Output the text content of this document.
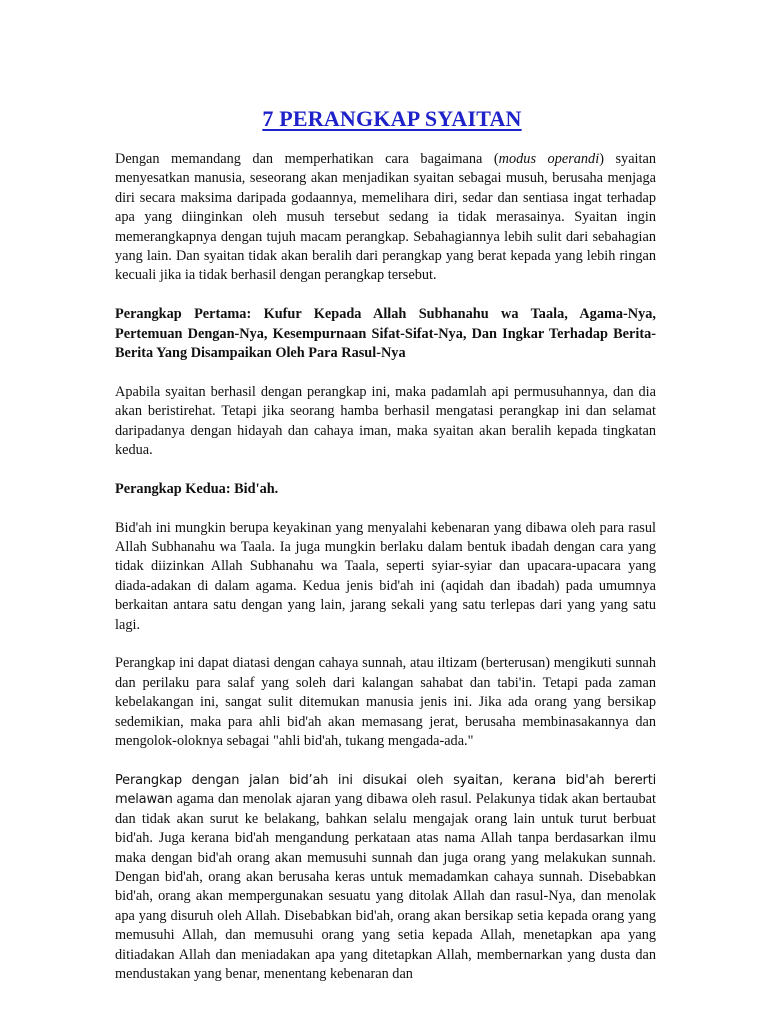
7 PERANGKAP SYAITAN

Dengan memandang dan memperhatikan cara bagaimana (modus operandi) syaitan menyesatkan manusia, seseorang akan menjadikan syaitan sebagai musuh, berusaha menjaga diri secara maksima daripada godaannya, memelihara diri, sedar dan sentiasa ingat terhadap apa yang diinginkan oleh musuh tersebut sedang ia tidak merasainya. Syaitan ingin memerangkapnya dengan tujuh macam perangkap. Sebahagiannya lebih sulit dari sebahagian yang lain. Dan syaitan tidak akan beralih dari perangkap yang berat kepada yang lebih ringan kecuali jika ia tidak berhasil dengan perangkap tersebut.

Perangkap Pertama: Kufur Kepada Allah Subhanahu wa Taala, Agama-Nya, Pertemuan Dengan-Nya, Kesempurnaan Sifat-Sifat-Nya, Dan Ingkar Terhadap Berita-Berita Yang Disampaikan Oleh Para Rasul-Nya

Apabila syaitan berhasil dengan perangkap ini, maka padamlah api permusuhannya, dan dia akan beristirehat. Tetapi jika seorang hamba berhasil mengatasi perangkap ini dan selamat daripadanya dengan hidayah dan cahaya iman, maka syaitan akan beralih kepada tingkatan kedua.

Perangkap Kedua: Bid'ah.

Bid'ah ini mungkin berupa keyakinan yang menyalahi kebenaran yang dibawa oleh para rasul Allah Subhanahu wa Taala. Ia juga mungkin berlaku dalam bentuk ibadah dengan cara yang tidak diizinkan Allah Subhanahu wa Taala, seperti syiar-syiar dan upacara-upacara yang diada-adakan di dalam agama. Kedua jenis bid'ah ini (aqidah dan ibadah) pada umumnya berkaitan antara satu dengan yang lain, jarang sekali yang satu terlepas dari yang yang satu lagi.

Perangkap ini dapat diatasi dengan cahaya sunnah, atau iltizam (berterusan) mengikuti sunnah dan perilaku para salaf yang soleh dari kalangan sahabat dan tabi'in. Tetapi pada zaman kebelakangan ini, sangat sulit ditemukan manusia jenis ini. Jika ada orang yang bersikap sedemikian, maka para ahli bid'ah akan memasang jerat, berusaha membinasakannya dan mengolok-oloknya sebagai "ahli bid'ah, tukang mengada-ada."

Perangkap dengan jalan bid’ah ini disukai oleh syaitan, kerana bid'ah bererti melawan agama dan menolak ajaran yang dibawa oleh rasul. Pelakunya tidak akan bertaubat dan tidak akan surut ke belakang, bahkan selalu mengajak orang lain untuk turut berbuat bid'ah. Juga kerana bid'ah mengandung perkataan atas nama Allah tanpa berdasarkan ilmu maka dengan bid'ah orang akan memusuhi sunnah dan juga orang yang melakukan sunnah. Dengan bid'ah, orang akan berusaha keras untuk memadamkan cahaya sunnah. Disebabkan bid'ah, orang akan mempergunakan sesuatu yang ditolak Allah dan rasul-Nya, dan menolak apa yang disuruh oleh Allah. Disebabkan bid'ah, orang akan bersikap setia kepada orang yang memusuhi Allah, dan memusuhi orang yang setia kepada Allah, menetapkan apa yang ditiadakan Allah dan meniadakan apa yang ditetapkan Allah, membernarkan yang dusta dan mendustakan yang benar, menentang kebenaran dan
